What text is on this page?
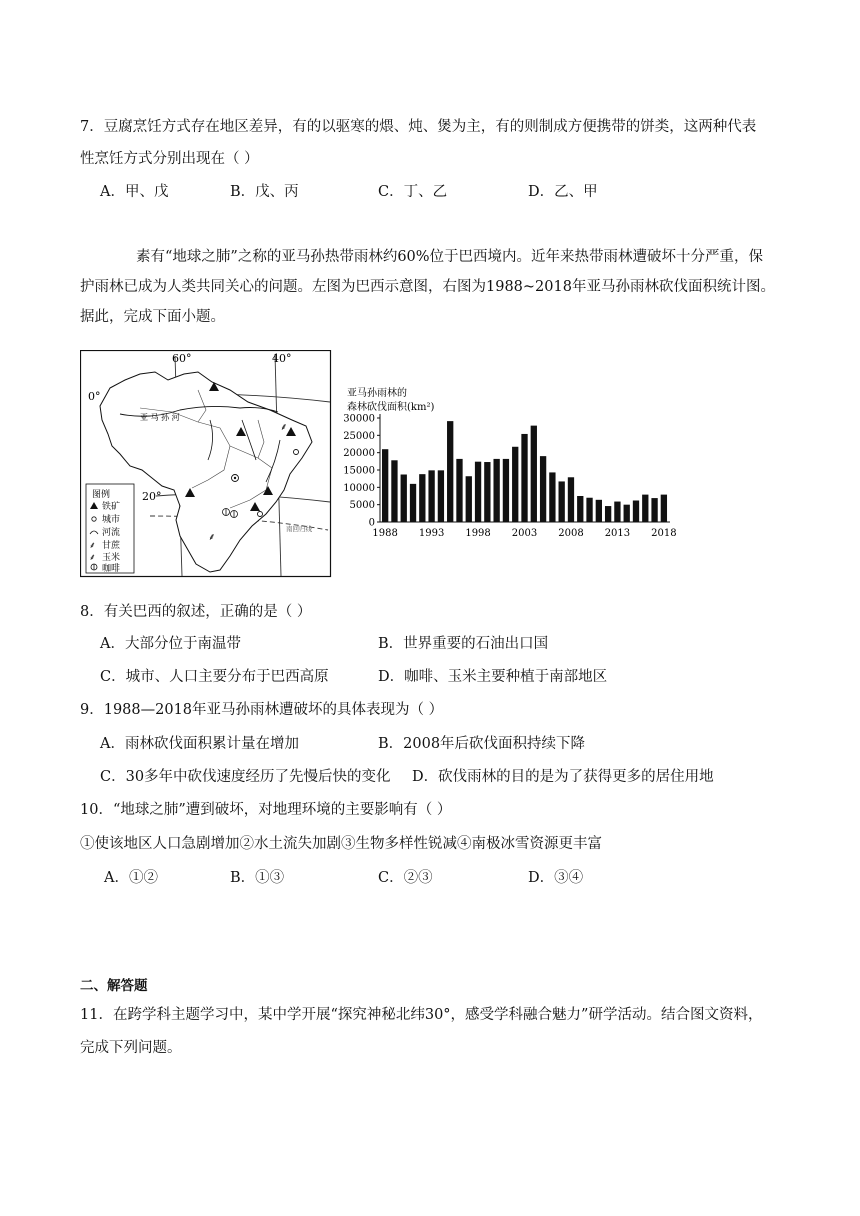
7．豆腐烹饪方式存在地区差异，有的以驱寒的煨、炖、煲为主，有的则制成方便携带的饼类，这两种代表
性烹饪方式分别出现在（ ）
A．甲、戊	B．戊、丙	C．丁、乙	D．乙、甲
素有“地球之肺”之称的亚马孙热带雨林约60%位于巴西境内。近年来热带雨林遭破坏十分严重，保
护雨林已成为人类共同关心的问题。左图为巴西示意图，右图为1988~2018年亚马孙雨林砍伐面积统计图。
据此，完成下面小题。
60°	40°
0°
20°
亚 马 孙 河
南回归线
⸙
⸙
图例
铁矿
城市
河流
⸙ 甘蔗
⸙ 玉米
咖啡
亚马孙雨林的
森林砍伐面积(km²)
0
5000
10000
15000
20000
25000
30000
1988 1993 1998 2003 2008 2013 2018
8．有关巴西的叙述，正确的是（ ）
A．大部分位于南温带	B．世界重要的石油出口国
C．城市、人口主要分布于巴西高原	D．咖啡、玉米主要种植于南部地区
9．1988—2018年亚马孙雨林遭破坏的具体表现为（ ）
A．雨林砍伐面积累计量在增加	B．2008年后砍伐面积持续下降
C．30多年中砍伐速度经历了先慢后快的变化 D．砍伐雨林的目的是为了获得更多的居住用地
10．“地球之肺”遭到破坏，对地理环境的主要影响有（ ）
①使该地区人口急剧增加②水土流失加剧③生物多样性锐减④南极冰雪资源更丰富
A．①②	B．①③	C．②③	D．③④
二、解答题
11．在跨学科主题学习中，某中学开展“探究神秘北纬30°，感受学科融合魅力”研学活动。结合图文资料，
完成下列问题。
